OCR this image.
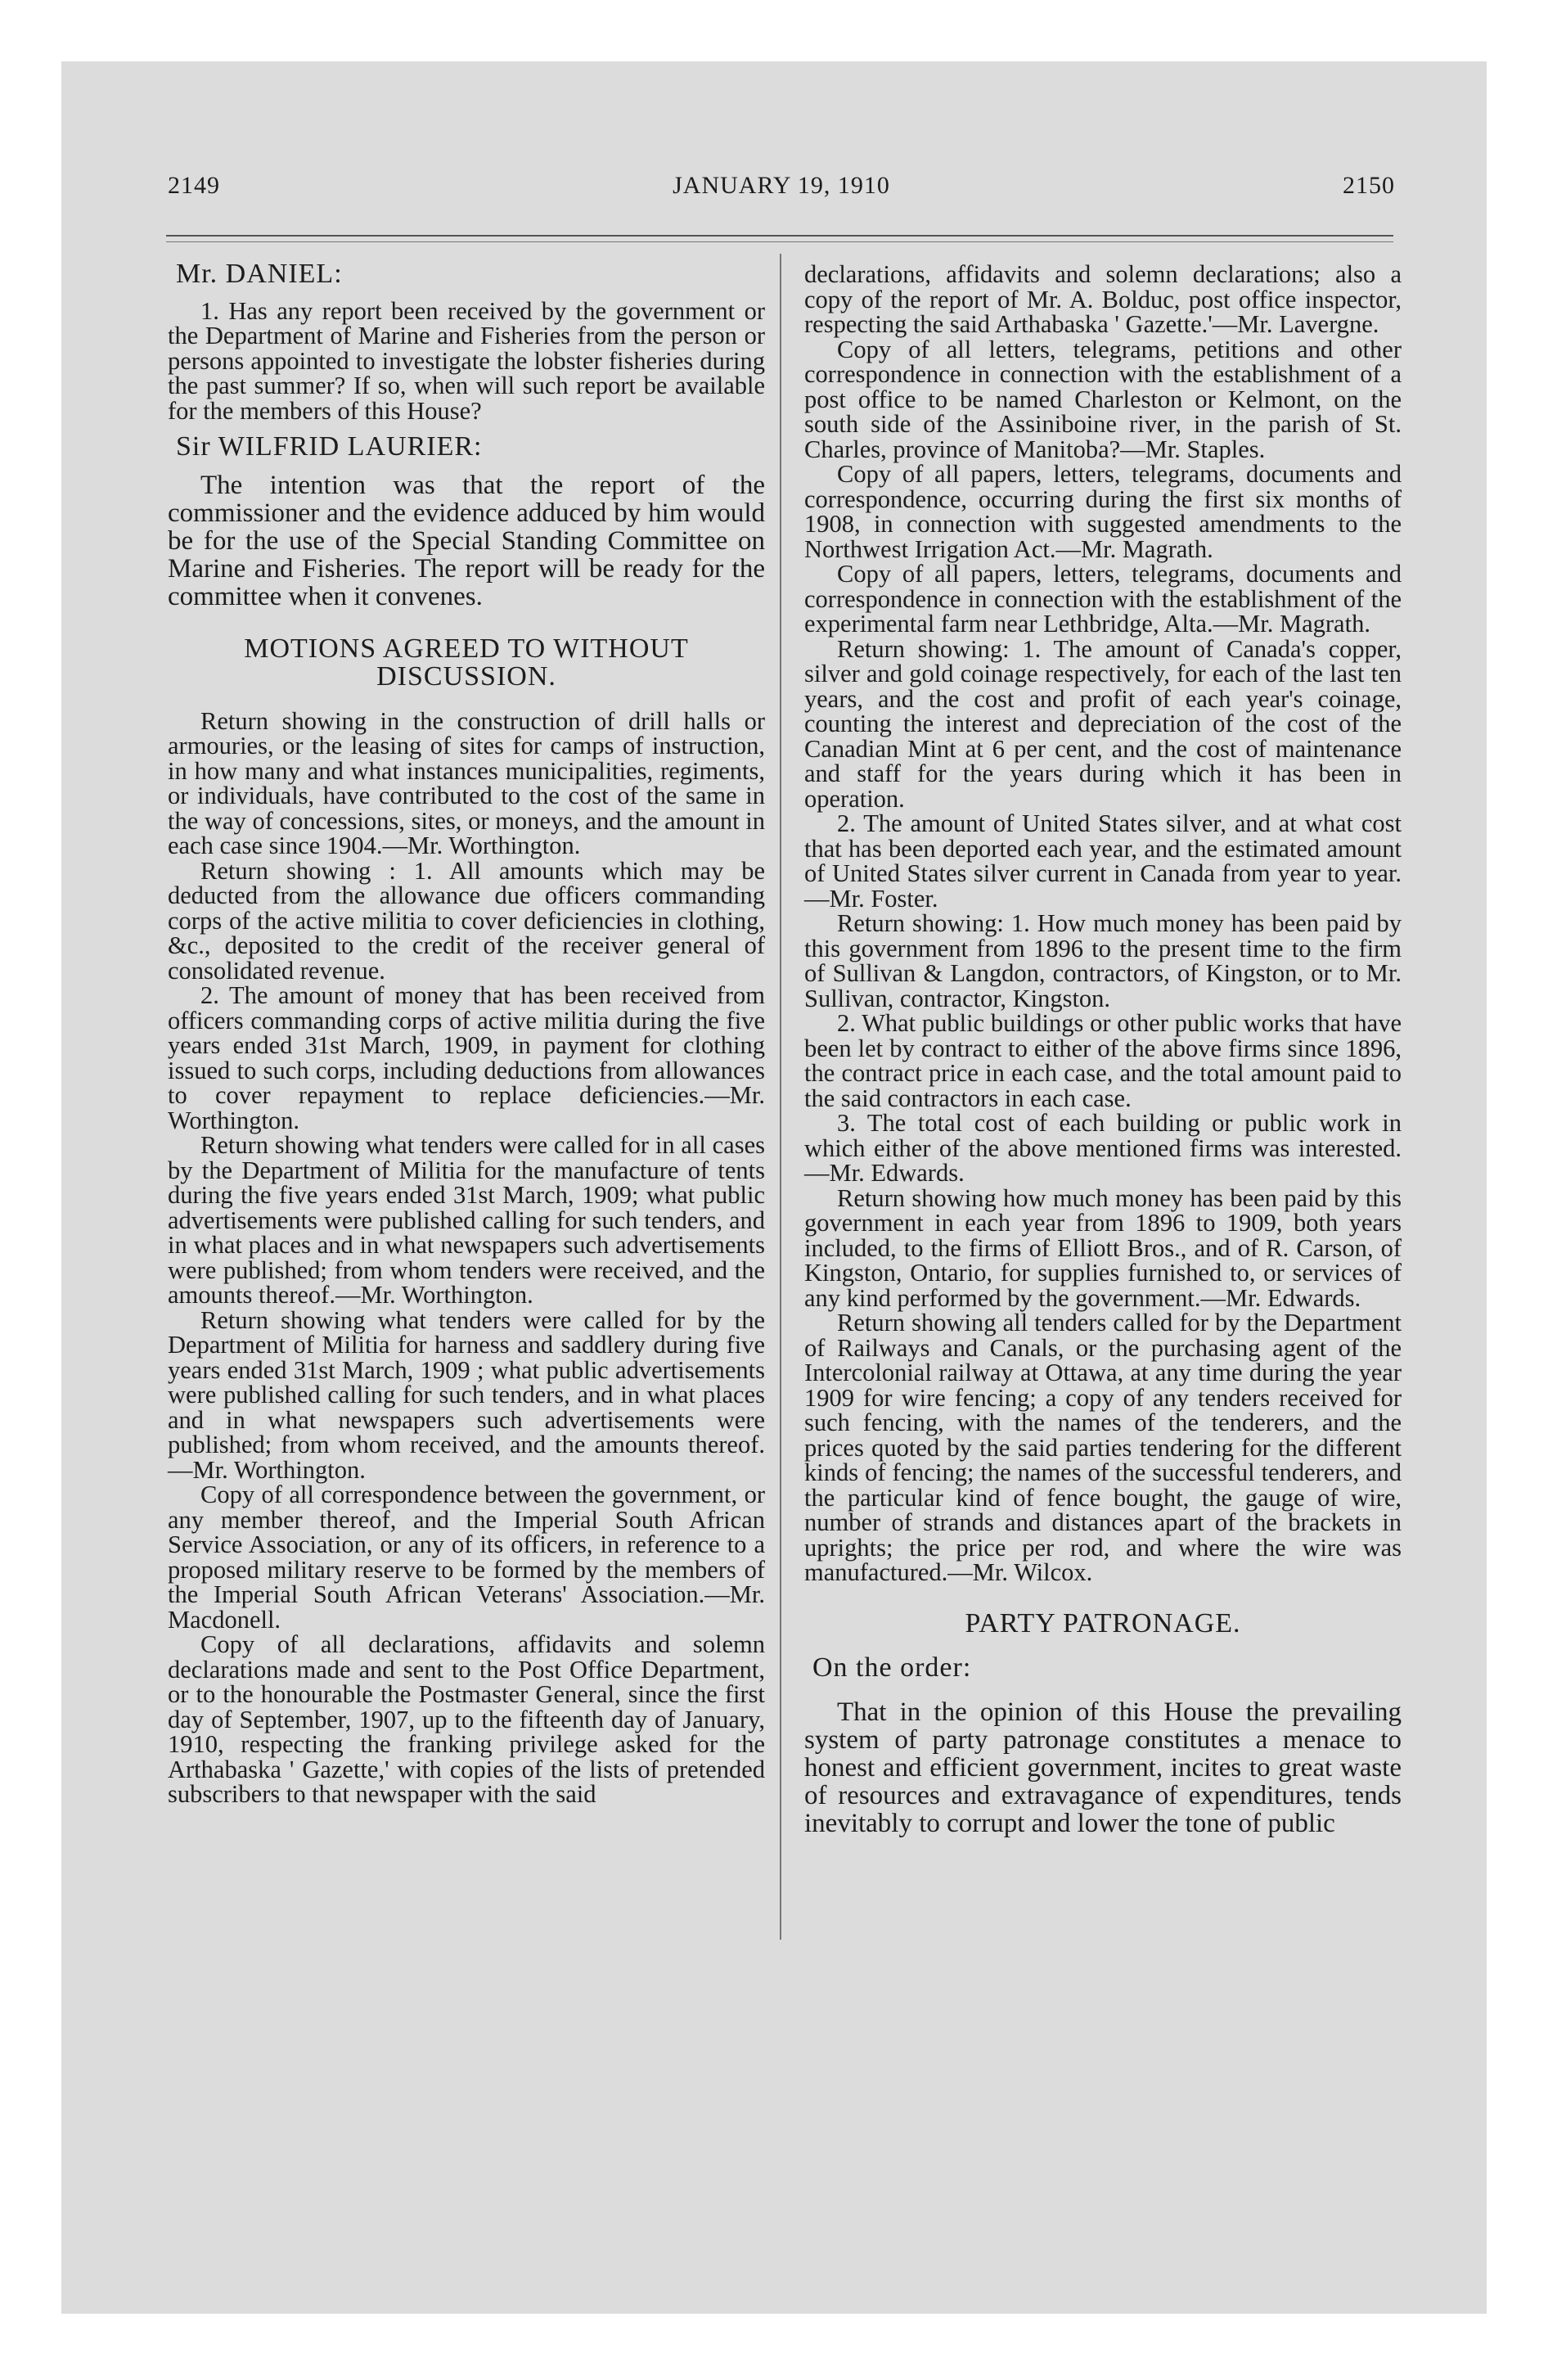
2149	JANUARY 19, 1910	2150

Mr. DANIEL:

1. Has any report been received by the government or the Department of Marine and Fisheries from the person or persons appointed to investigate the lobster fisheries during the past summer? If so, when will such report be available for the members of this House?

Sir WILFRID LAURIER:

The intention was that the report of the commissioner and the evidence adduced by him would be for the use of the Special Standing Committee on Marine and Fisheries. The report will be ready for the committee when it convenes.

MOTIONS AGREED TO WITHOUT DISCUSSION.

Return showing in the construction of drill halls or armouries, or the leasing of sites for camps of instruction, in how many and what instances municipalities, regiments, or individuals, have contributed to the cost of the same in the way of concessions, sites, or moneys, and the amount in each case since 1904.—Mr. Worthington.

Return showing : 1. All amounts which may be deducted from the allowance due officers commanding corps of the active militia to cover deficiencies in clothing, &c., deposited to the credit of the receiver general of consolidated revenue.

2. The amount of money that has been received from officers commanding corps of active militia during the five years ended 31st March, 1909, in payment for clothing issued to such corps, including deductions from allowances to cover repayment to replace deficiencies.—Mr. Worthington.

Return showing what tenders were called for in all cases by the Department of Militia for the manufacture of tents during the five years ended 31st March, 1909; what public advertisements were published calling for such tenders, and in what places and in what newspapers such advertisements were published; from whom tenders were received, and the amounts thereof.—Mr. Worthington.

Return showing what tenders were called for by the Department of Militia for harness and saddlery during five years ended 31st March, 1909 ; what public advertisements were published calling for such tenders, and in what places and in what newspapers such advertisements were published; from whom received, and the amounts thereof.—Mr. Worthington.

Copy of all correspondence between the government, or any member thereof, and the Imperial South African Service Association, or any of its officers, in reference to a proposed military reserve to be formed by the members of the Imperial South African Veterans' Association.—Mr. Macdonell.

Copy of all declarations, affidavits and solemn declarations made and sent to the Post Office Department, or to the honourable the Postmaster General, since the first day of September, 1907, up to the fifteenth day of January, 1910, respecting the franking privilege asked for the Arthabaska ' Gazette,' with copies of the lists of pretended subscribers to that newspaper with the said

declarations, affidavits and solemn declarations; also a copy of the report of Mr. A. Bolduc, post office inspector, respecting the said Arthabaska ' Gazette.'—Mr. Lavergne.

Copy of all letters, telegrams, petitions and other correspondence in connection with the establishment of a post office to be named Charleston or Kelmont, on the south side of the Assiniboine river, in the parish of St. Charles, province of Manitoba?—Mr. Staples.

Copy of all papers, letters, telegrams, documents and correspondence, occurring during the first six months of 1908, in connection with suggested amendments to the Northwest Irrigation Act.—Mr. Magrath.

Copy of all papers, letters, telegrams, documents and correspondence in connection with the establishment of the experimental farm near Lethbridge, Alta.—Mr. Magrath.

Return showing: 1. The amount of Canada's copper, silver and gold coinage respectively, for each of the last ten years, and the cost and profit of each year's coinage, counting the interest and depreciation of the cost of the Canadian Mint at 6 per cent, and the cost of maintenance and staff for the years during which it has been in operation.

2. The amount of United States silver, and at what cost that has been deported each year, and the estimated amount of United States silver current in Canada from year to year.—Mr. Foster.

Return showing: 1. How much money has been paid by this government from 1896 to the present time to the firm of Sullivan & Langdon, contractors, of Kingston, or to Mr. Sullivan, contractor, Kingston.

2. What public buildings or other public works that have been let by contract to either of the above firms since 1896, the contract price in each case, and the total amount paid to the said contractors in each case.

3. The total cost of each building or public work in which either of the above mentioned firms was interested.—Mr. Edwards.

Return showing how much money has been paid by this government in each year from 1896 to 1909, both years included, to the firms of Elliott Bros., and of R. Carson, of Kingston, Ontario, for supplies furnished to, or services of any kind performed by the government.—Mr. Edwards.

Return showing all tenders called for by the Department of Railways and Canals, or the purchasing agent of the Intercolonial railway at Ottawa, at any time during the year 1909 for wire fencing; a copy of any tenders received for such fencing, with the names of the tenderers, and the prices quoted by the said parties tendering for the different kinds of fencing; the names of the successful tenderers, and the particular kind of fence bought, the gauge of wire, number of strands and distances apart of the brackets in uprights; the price per rod, and where the wire was manufactured.—Mr. Wilcox.

PARTY PATRONAGE.

On the order:

That in the opinion of this House the prevailing system of party patronage constitutes a menace to honest and efficient government, incites to great waste of resources and extravagance of expenditures, tends inevitably to corrupt and lower the tone of public
